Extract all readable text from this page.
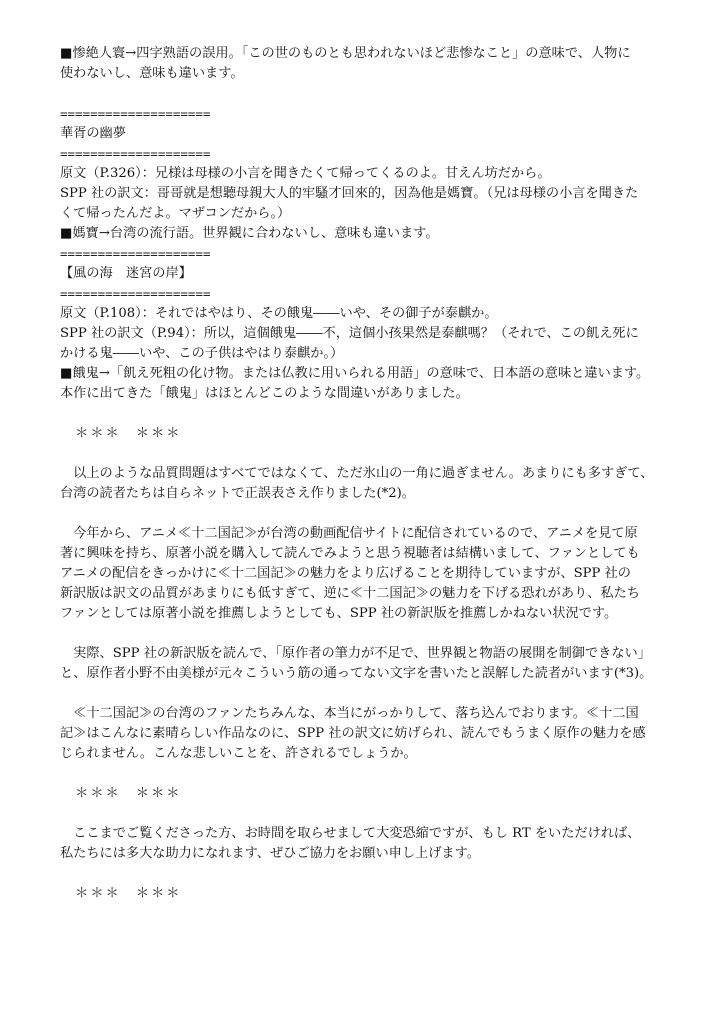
■惨絶人寰→四字熟語の誤用。「この世のものとも思われないほど悲惨なこと」の意味で、人物に
使わないし、意味も違います。
====================
華胥の幽夢
====================
原文（P.326）：兄様は母様の小言を聞きたくて帰ってくるのよ。甘えん坊だから。
SPP 社の訳文：哥哥就是想聽母親大人的牢騷才回來的，因為他是媽寶。（兄は母様の小言を聞きた
くて帰ったんだよ。マザコンだから。）
■媽寶→台湾の流行語。世界観に合わないし、意味も違います。
====================
【風の海　迷宮の岸】
====================
原文（P.108）：それではやはり、その餓鬼――いや、その御子が泰麒か。
SPP 社の訳文（P.94）：所以，這個餓鬼――不，這個小孩果然是泰麒嗎？（それで、この飢え死に
かける鬼――いや、この子供はやはり泰麒か。）
■餓鬼→「飢え死粗の化け物。または仏教に用いられる用語」の意味で、日本語の意味と違います。
本作に出てきた「餓鬼」はほとんどこのような間違いがありました。
　＊＊＊　＊＊＊
　以上のような品質問題はすべてではなくて、ただ氷山の一角に過ぎません。あまりにも多すぎて、
台湾の読者たちは自らネットで正誤表さえ作りました(*2)。
　今年から、アニメ≪十二国記≫が台湾の動画配信サイトに配信されているので、アニメを見て原
著に興味を持ち、原著小説を購入して読んでみようと思う視聴者は結構いまして、ファンとしても
アニメの配信をきっかけに≪十二国記≫の魅力をより広げることを期待していますが、SPP 社の
新訳版は訳文の品質があまりにも低すぎて、逆に≪十二国記≫の魅力を下げる恐れがあり、私たち
ファンとしては原著小説を推薦しようとしても、SPP 社の新訳版を推薦しかねない状況です。
　実際、SPP 社の新訳版を読んで、「原作者の筆力が不足で、世界観と物語の展開を制御できない」
と、原作者小野不由美様が元々こういう筋の通ってない文字を書いたと誤解した読者がいます(*3)。
　≪十二国記≫の台湾のファンたちみんな、本当にがっかりして、落ち込んでおります。≪十二国
記≫はこんなに素晴らしい作品なのに、SPP 社の訳文に妨げられ、読んでもうまく原作の魅力を感
じられません。こんな悲しいことを、許されるでしょうか。
　＊＊＊　＊＊＊
　ここまでご覧くださった方、お時間を取らせまして大変恐縮ですが、もし RT をいただければ、
私たちには多大な助力になれます、ぜひご協力をお願い申し上げます。
　＊＊＊　＊＊＊
